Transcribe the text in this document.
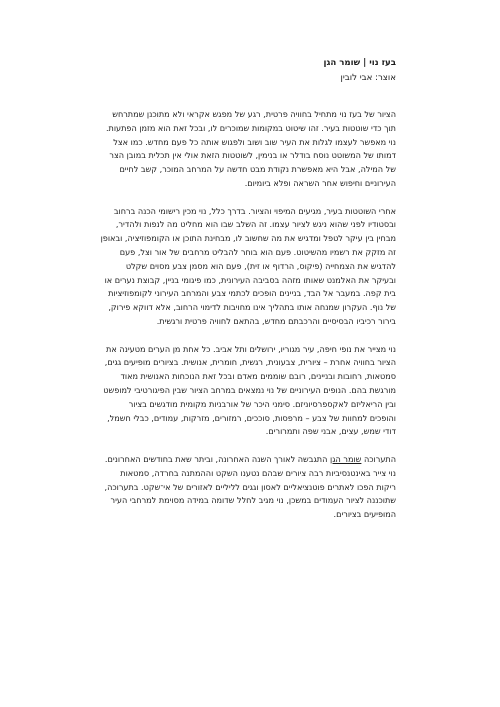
בעז נוי | שומר הגן
אוצר: אבי לובין

הציור של בעז נוי מתחיל בחוויה פרטית, רגע של מפגש אקראי ולא מתוכנן שמתרחש תוך כדי שוטטות בעיר. זהו שיטוט במקומות שמוכרים לו, ובכל זאת הוא מזמן הפתעות. נוי מאפשר לעצמו לגלות את העיר שוב ושוב ולפגוש אותה כל פעם מחדש. כמו אצל דמותו של המשוטט נוסח בודלר או בנימין, לשוטטות הזאת אולי אין תכלית במובן הצר של המילה, אבל היא מאפשרת נקודת מבט חדשה על המרחב המוכר, קשב לחיים העירוניים וחיפוש אחר השראה ופלא ביומיום.

אחרי השוטטות בעיר, מגיעים המיפוי והציור. בדרך כלל, נוי מכין רישומי הכנה ברחוב ובסטודיו לפני שהוא ניגש לציור עצמו. זה השלב שבו הוא מחליט מה לנפות ולהדיר, מבחין בין עיקר לטפל ומדגיש את מה שחשוב לו, מבחינת התוכן או הקומפוזיציה, ובאופן זה מזקק את רשמיו מהשיטוט. פעם הוא בוחר להבליט מרחבים של אור וצל, פעם להדגיש את הצמחייה (פיקוס, הרדוף או זית), פעם הוא מסמן צבע מסוים שקלט ובעיקר את האלמנט שאותו מזהה בסביבה העירונית, כמו פיגומי בניין, קבוצת נערים או בית קפה. במעבר אל הבד, בניינים הופכים לכתמי צבע והמרחב העירוני לקומפוזיציות של נוף. העקרון שמנחה אותו בתהליך אינו מחויבות לדימוי הרחוב, אלא דווקא פירוק, בירור רכיביו הבסיסיים והרכבתם מחדש, בהתאם לחוויה פרטית ורגשית.

נוי מצייר את נופי חיפה, עיר מגוריו, ירושלים ותל אביב. כל אחת מן הערים מטעינה את הציור בחוויה אחרת – ציורית, צבעונית, רגשית, חומרית, אנושית. בציורים מופיעים גגים, סמטאות, רחובות ובניינים, רובם שוממים מאדם ובכל זאת הנוכחות האנושית מאוד מורגשת בהם. הנופים העירוניים של נוי נמצאים במרחב הציור שבין הפיגורטיבי למופשט ובין הריאליזם לאקספרסיוניזם. סימני היכר של אורבניות מקומית מודגשים בציור והופכים למחוות של צבע – מרפסות, סוככים, רמזורים, מזרקות, עמודים, כבלי חשמל, דודי שמש, עצים, אבני שפה ותמרורים.

התערוכה שומר הגן התגבשה לאורך השנה האחרונה, וביתר שאת בחודשים האחרונים. נוי צייר באינטנסיביות רבה ציורים שבהם נטענו השקט וההמתנה בחרדה, סמטאות ריקות הפכו לאתרים פוטנציאליים לאסון וגגים לליליים לאזורים של אי־שקט. בתערוכה, שתוכננה לציור העמודים במשכן, נוי מגיב לחלל שדומה במידה מסוימת למרחבי העיר המופיעים בציורים.
